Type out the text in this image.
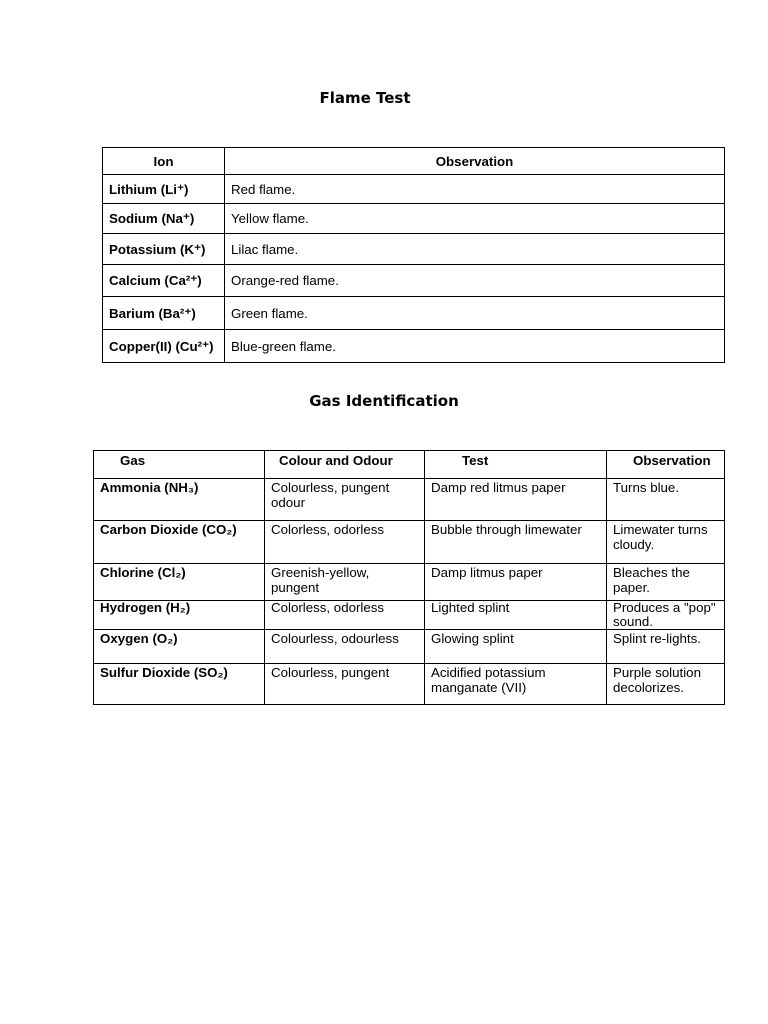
Flame Test
Ion	Observation
Lithium (Li⁺)	Red flame.
Sodium (Na⁺)	Yellow flame.
Potassium (K⁺)	Lilac flame.
Calcium (Ca²⁺)	Orange-red flame.
Barium (Ba²⁺)	Green flame.
Copper(II) (Cu²⁺)	Blue-green flame.
Gas Identification
Gas	Colour and Odour	Test	Observation
Ammonia (NH₃)	Colourless, pungent odour	Damp red litmus paper	Turns blue.
Carbon Dioxide (CO₂)	Colorless, odorless	Bubble through limewater	Limewater turns cloudy.
Chlorine (Cl₂)	Greenish-yellow, pungent	Damp litmus paper	Bleaches the paper.
Hydrogen (H₂)	Colorless, odorless	Lighted splint	Produces a "pop" sound.
Oxygen (O₂)	Colourless, odourless	Glowing splint	Splint re-lights.
Sulfur Dioxide (SO₂)	Colourless, pungent	Acidified potassium manganate (VII)	Purple solution decolorizes.
